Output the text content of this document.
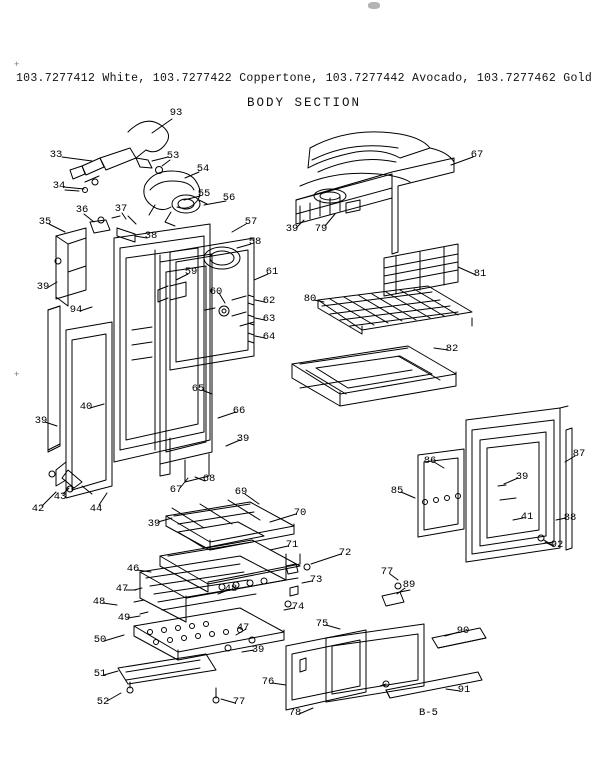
+
+
103.7277412 White, 103.7277422 Coppertone, 103.7277442 Avocado, 103.7277462 Gold
BODY SECTION
93
33	53
54
34
55 56
35
36	37
38
57
58
59	61
60
62
63
64
39
94
40
65
66
39
39
42
43
44
68
67	69
70
39
71
72
46
48
73
47
48
49
74
47
50
39
51
52	77
67
39 79
81
80
82
86
87
39
85
41	88
92
77
89
75
90
76
91
78	B-5
